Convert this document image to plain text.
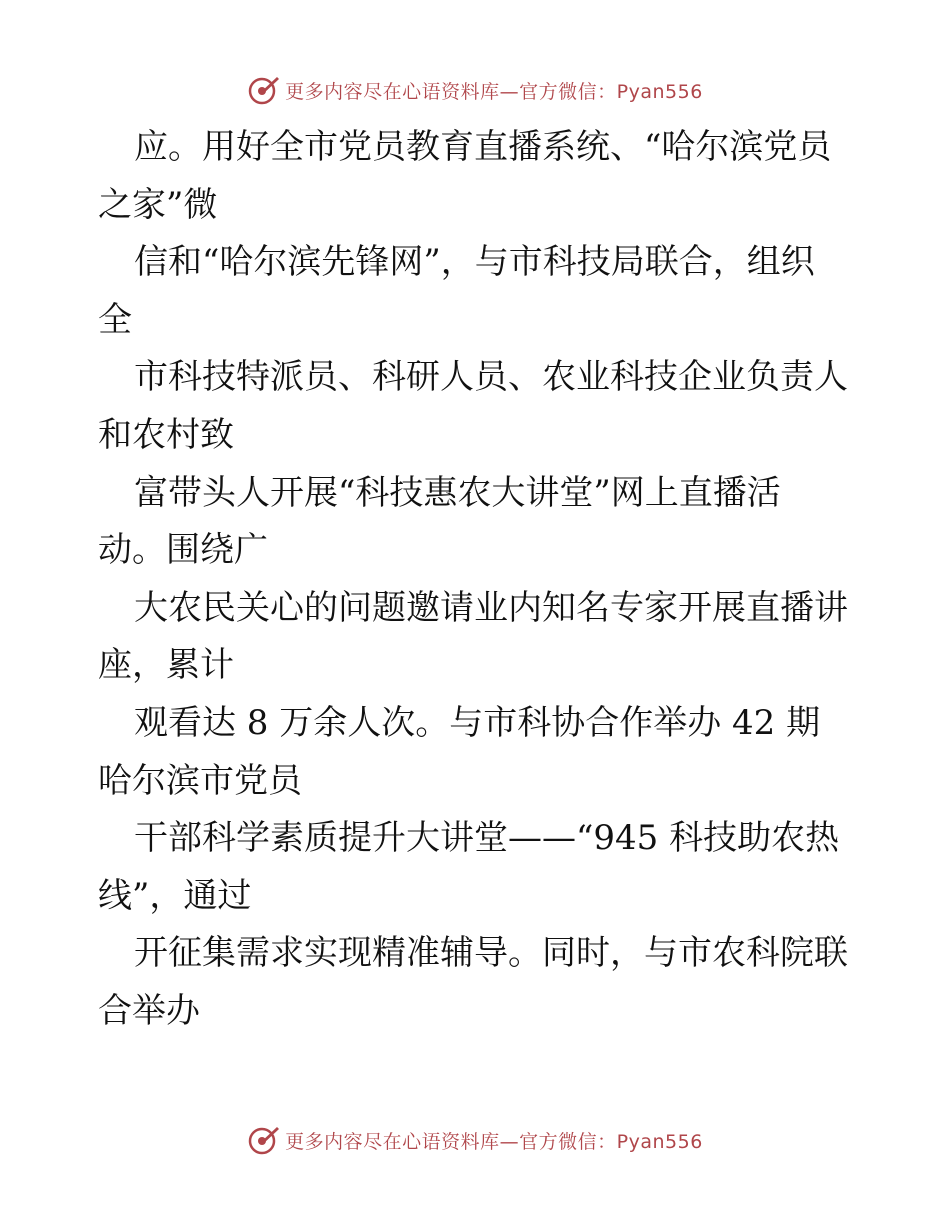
更多内容尽在心语资料库—官方微信：Pyan556
应。用好全市党员教育直播系统、“哈尔滨党员
之家”微
信和“哈尔滨先锋网”，与市科技局联合，组织
全
市科技特派员、科研人员、农业科技企业负责人
和农村致
富带头人开展“科技惠农大讲堂”网上直播活
动。围绕广
大农民关心的问题邀请业内知名专家开展直播讲
座，累计
观看达 8 万余人次。与市科协合作举办 42 期
哈尔滨市党员
干部科学素质提升大讲堂——“945 科技助农热
线”，通过
开征集需求实现精准辅导。同时，与市农科院联
合举办
更多内容尽在心语资料库—官方微信：Pyan556
